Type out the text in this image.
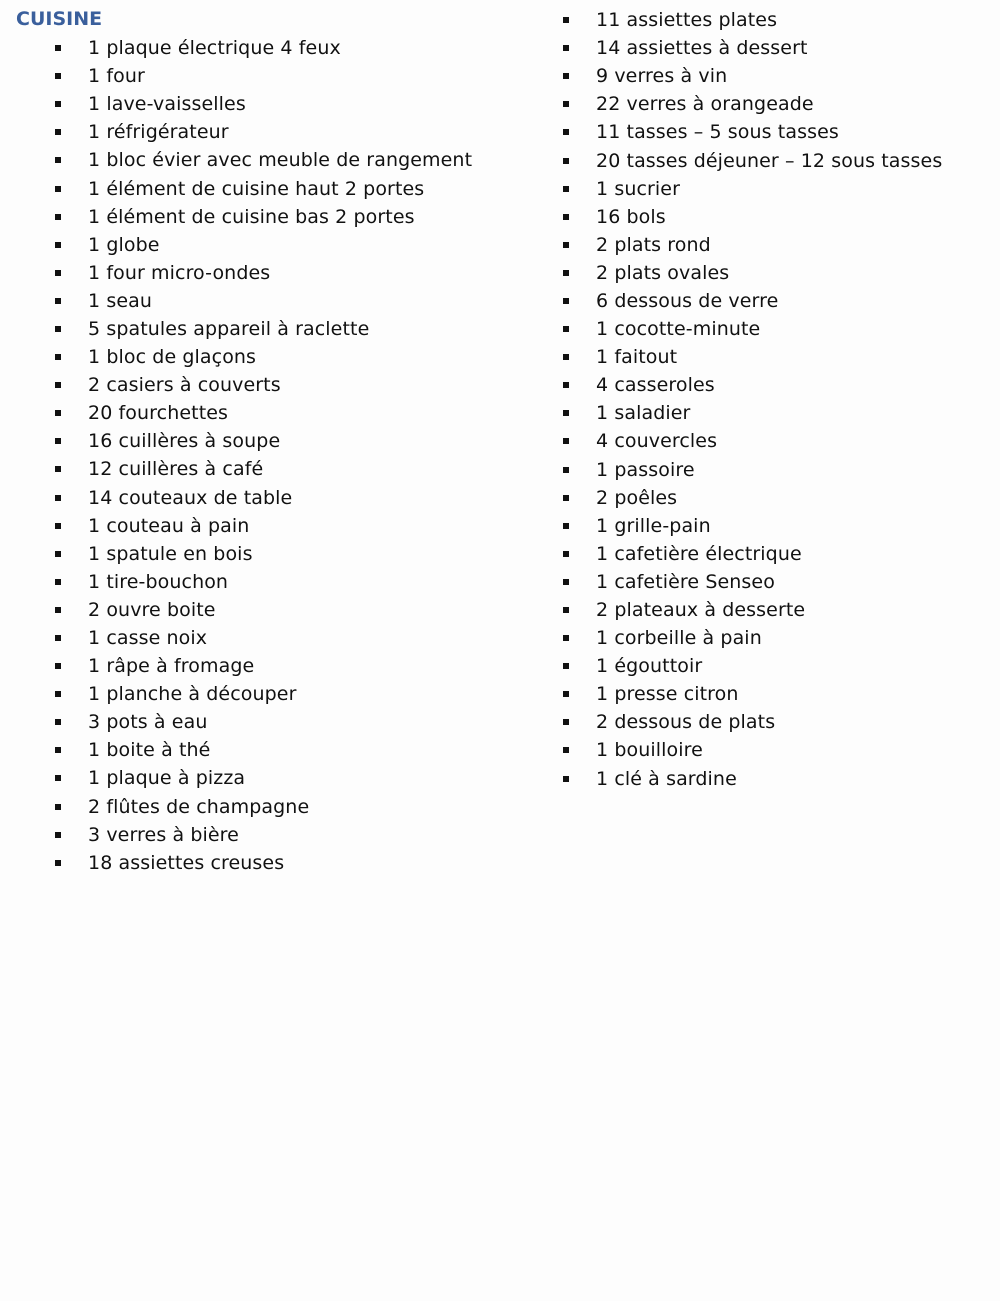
CUISINE
1 plaque électrique 4 feux
1 four
1 lave-vaisselles
1 réfrigérateur
1 bloc évier avec meuble de rangement
1 élément de cuisine haut 2 portes
1 élément de cuisine bas 2 portes
1 globe
1 four micro-ondes
1 seau
5 spatules appareil à raclette
1 bloc de glaçons
2 casiers à couverts
20 fourchettes
16 cuillères à soupe
12 cuillères à café
14 couteaux de table
1 couteau à pain
1 spatule en bois
1 tire-bouchon
2 ouvre boite
1 casse noix
1 râpe à fromage
1 planche à découper
3 pots à eau
1 boite à thé
1 plaque à pizza
2 flûtes de champagne
3 verres à bière
18 assiettes creuses
11 assiettes plates
14 assiettes à dessert
9 verres à vin
22 verres à orangeade
11 tasses – 5 sous tasses
20 tasses déjeuner – 12 sous tasses
1 sucrier
16 bols
2 plats rond
2 plats ovales
6 dessous de verre
1 cocotte-minute
1 faitout
4 casseroles
1 saladier
4 couvercles
1 passoire
2 poêles
1 grille-pain
1 cafetière électrique
1 cafetière Senseo
2 plateaux à desserte
1 corbeille à pain
1 égouttoir
1 presse citron
2 dessous de plats
1 bouilloire
1 clé à sardine
